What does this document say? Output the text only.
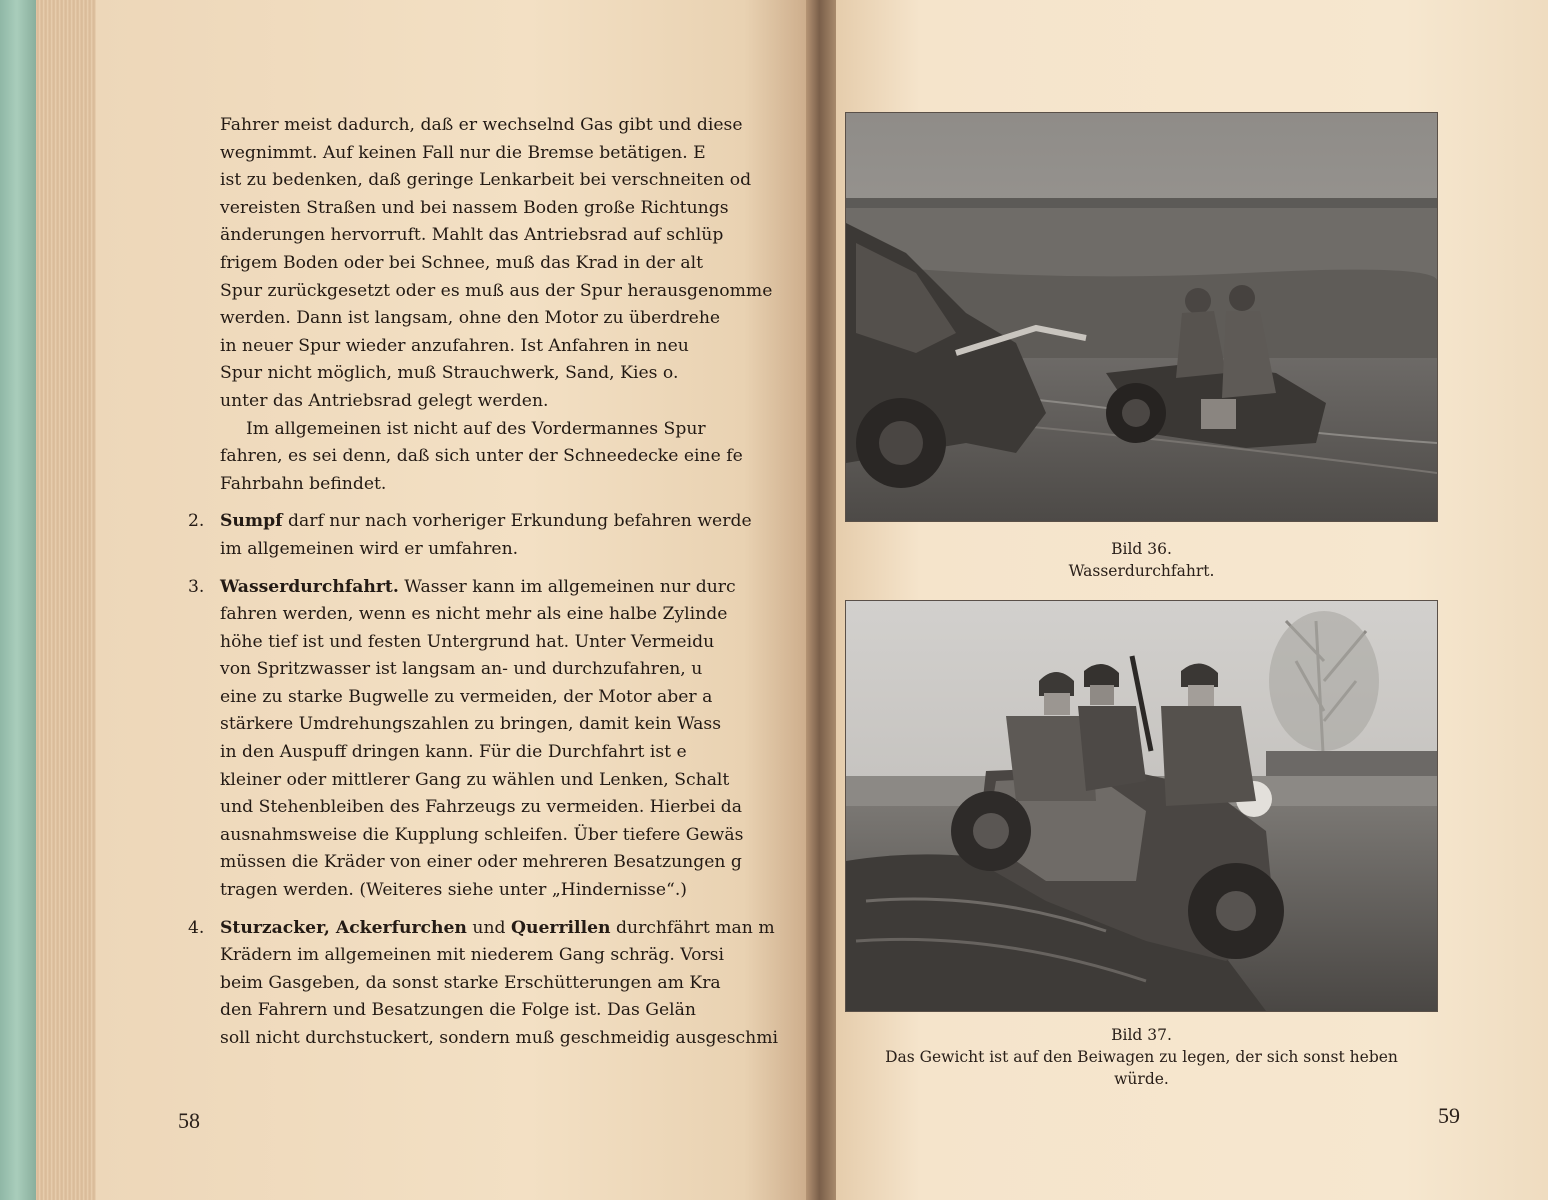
Fahrer meist dadurch, daß er wechselnd Gas gibt und diese
wegnimmt. Auf keinen Fall nur die Bremse betätigen. E
ist zu bedenken, daß geringe Lenkarbeit bei verschneiten od
vereisten Straßen und bei nassem Boden große Richtungs
änderungen hervorruft. Mahlt das Antriebsrad auf schlüp
frigem Boden oder bei Schnee, muß das Krad in der alt
Spur zurückgesetzt oder es muß aus der Spur herausgenomme
werden. Dann ist langsam, ohne den Motor zu überdrehe
in neuer Spur wieder anzufahren. Ist Anfahren in neu
Spur nicht möglich, muß Strauchwerk, Sand, Kies o.
unter das Antriebsrad gelegt werden.
Im allgemeinen ist nicht auf des Vordermannes Spur
fahren, es sei denn, daß sich unter der Schneedecke eine fe
Fahrbahn befindet.
2. Sumpf darf nur nach vorheriger Erkundung befahren werde
im allgemeinen wird er umfahren.
3. Wasserdurchfahrt. Wasser kann im allgemeinen nur durc
fahren werden, wenn es nicht mehr als eine halbe Zylinde
höhe tief ist und festen Untergrund hat. Unter Vermeidu
von Spritzwasser ist langsam an- und durchzufahren, u
eine zu starke Bugwelle zu vermeiden, der Motor aber a
stärkere Umdrehungszahlen zu bringen, damit kein Wass
in den Auspuff dringen kann. Für die Durchfahrt ist e
kleiner oder mittlerer Gang zu wählen und Lenken, Schalt
und Stehenbleiben des Fahrzeugs zu vermeiden. Hierbei da
ausnahmsweise die Kupplung schleifen. Über tiefere Gewäs
müssen die Kräder von einer oder mehreren Besatzungen g
tragen werden. (Weiteres siehe unter „Hindernisse“.)
4. Sturzacker, Ackerfurchen und Querrillen durchfährt man m
Krädern im allgemeinen mit niederem Gang schräg. Vorsi
beim Gasgeben, da sonst starke Erschütterungen am Kra
den Fahrern und Besatzungen die Folge ist. Das Gelän
soll nicht durchstuckert, sondern muß geschmeidig ausgeschmi
58
Bild 36.
Wasserdurchfahrt.
Bild 37.
Das Gewicht ist auf den Beiwagen zu legen, der sich sonst heben
würde.
59
